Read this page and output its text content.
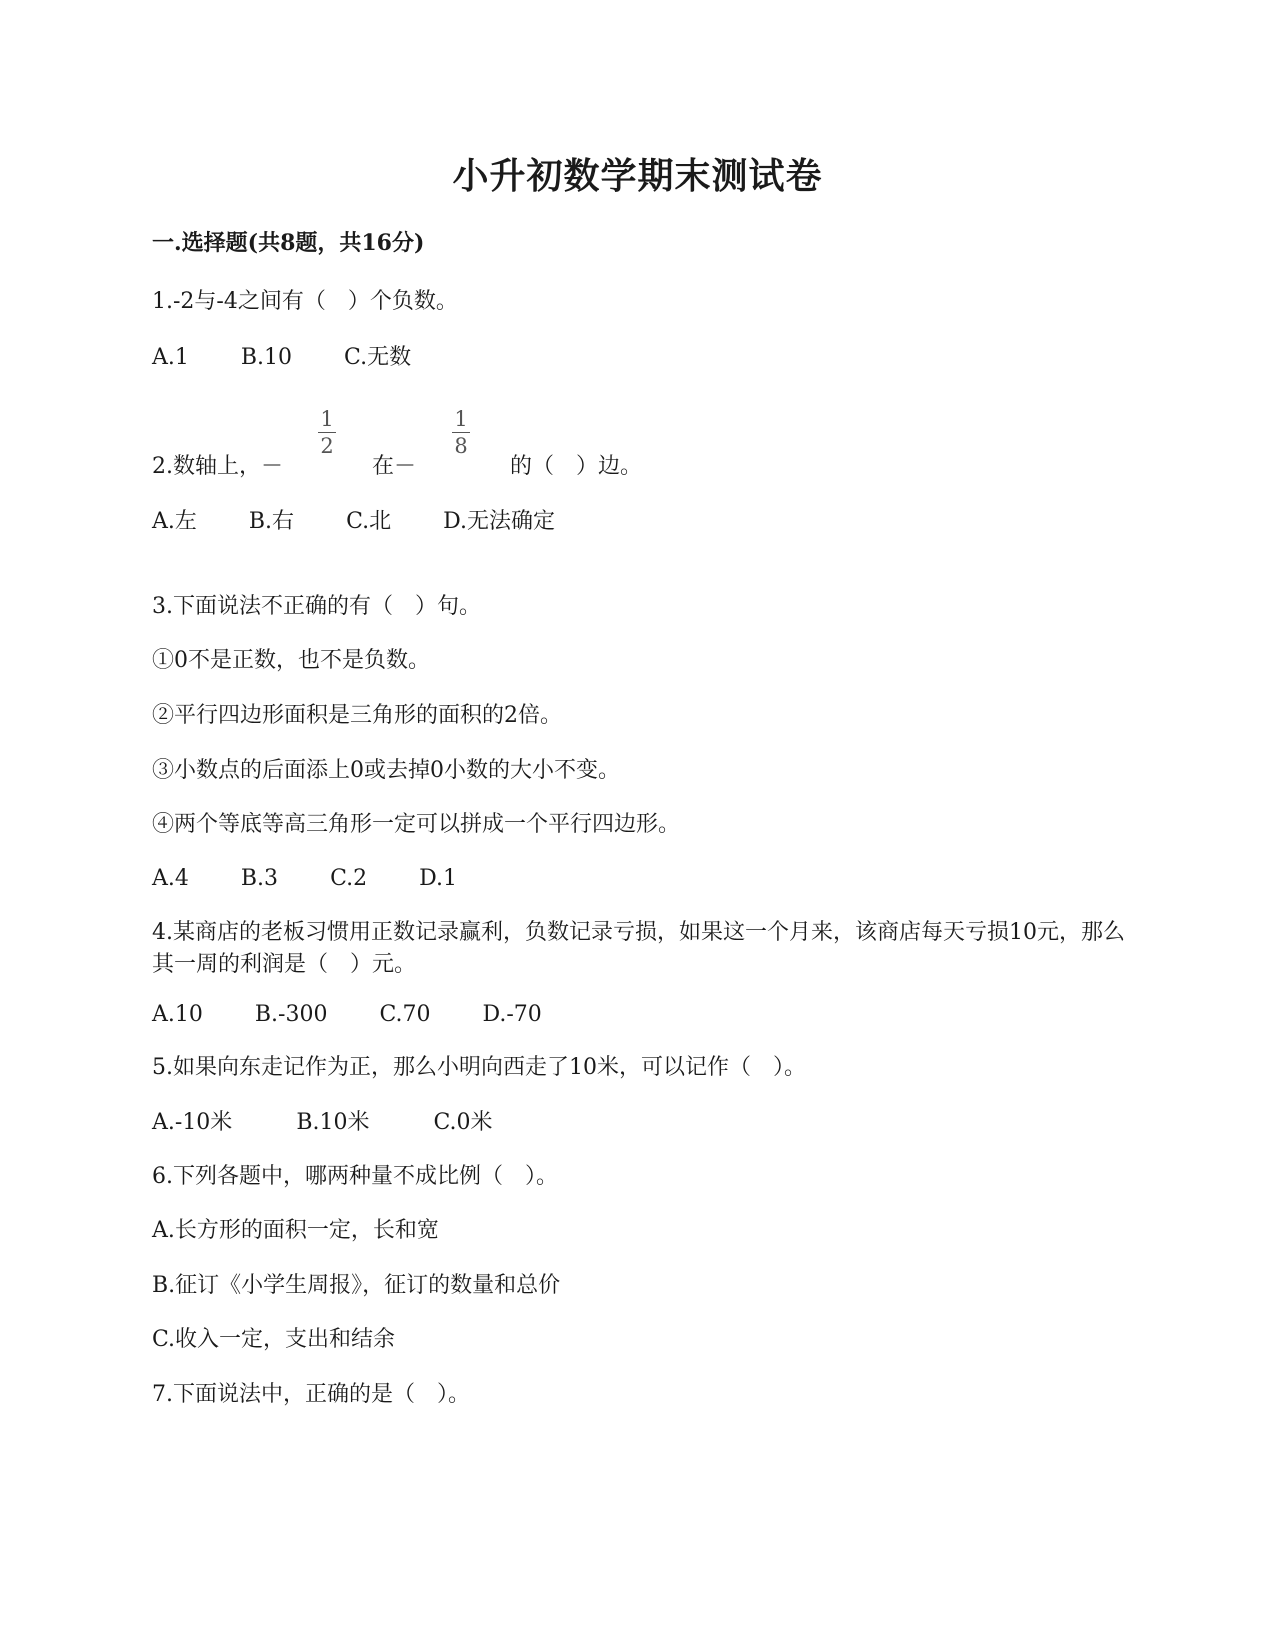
小升初数学期末测试卷
一.选择题(共8题，共16分)
1.-2与-4之间有（　）个负数。
A.1 B.10 C.无数
2.数轴上，－
1
2
在－
1
8
的（　）边。
A.左 B.右 C.北 D.无法确定
3.下面说法不正确的有（　）句。
①0不是正数，也不是负数。
②平行四边形面积是三角形的面积的2倍。
③小数点的后面添上0或去掉0小数的大小不变。
④两个等底等高三角形一定可以拼成一个平行四边形。
A.4 B.3 C.2 D.1
4.某商店的老板习惯用正数记录赢利，负数记录亏损，如果这一个月来，该商店每天亏损10元，那么其一周的利润是（　）元。
A.10 B.-300 C.70 D.-70
5.如果向东走记作为正，那么小明向西走了10米，可以记作（　）。
A.-10米	B.10米	C.0米
6.下列各题中，哪两种量不成比例（　）。
A.长方形的面积一定，长和宽
B.征订《小学生周报》，征订的数量和总价
C.收入一定，支出和结余
7.下面说法中，正确的是（　）。
